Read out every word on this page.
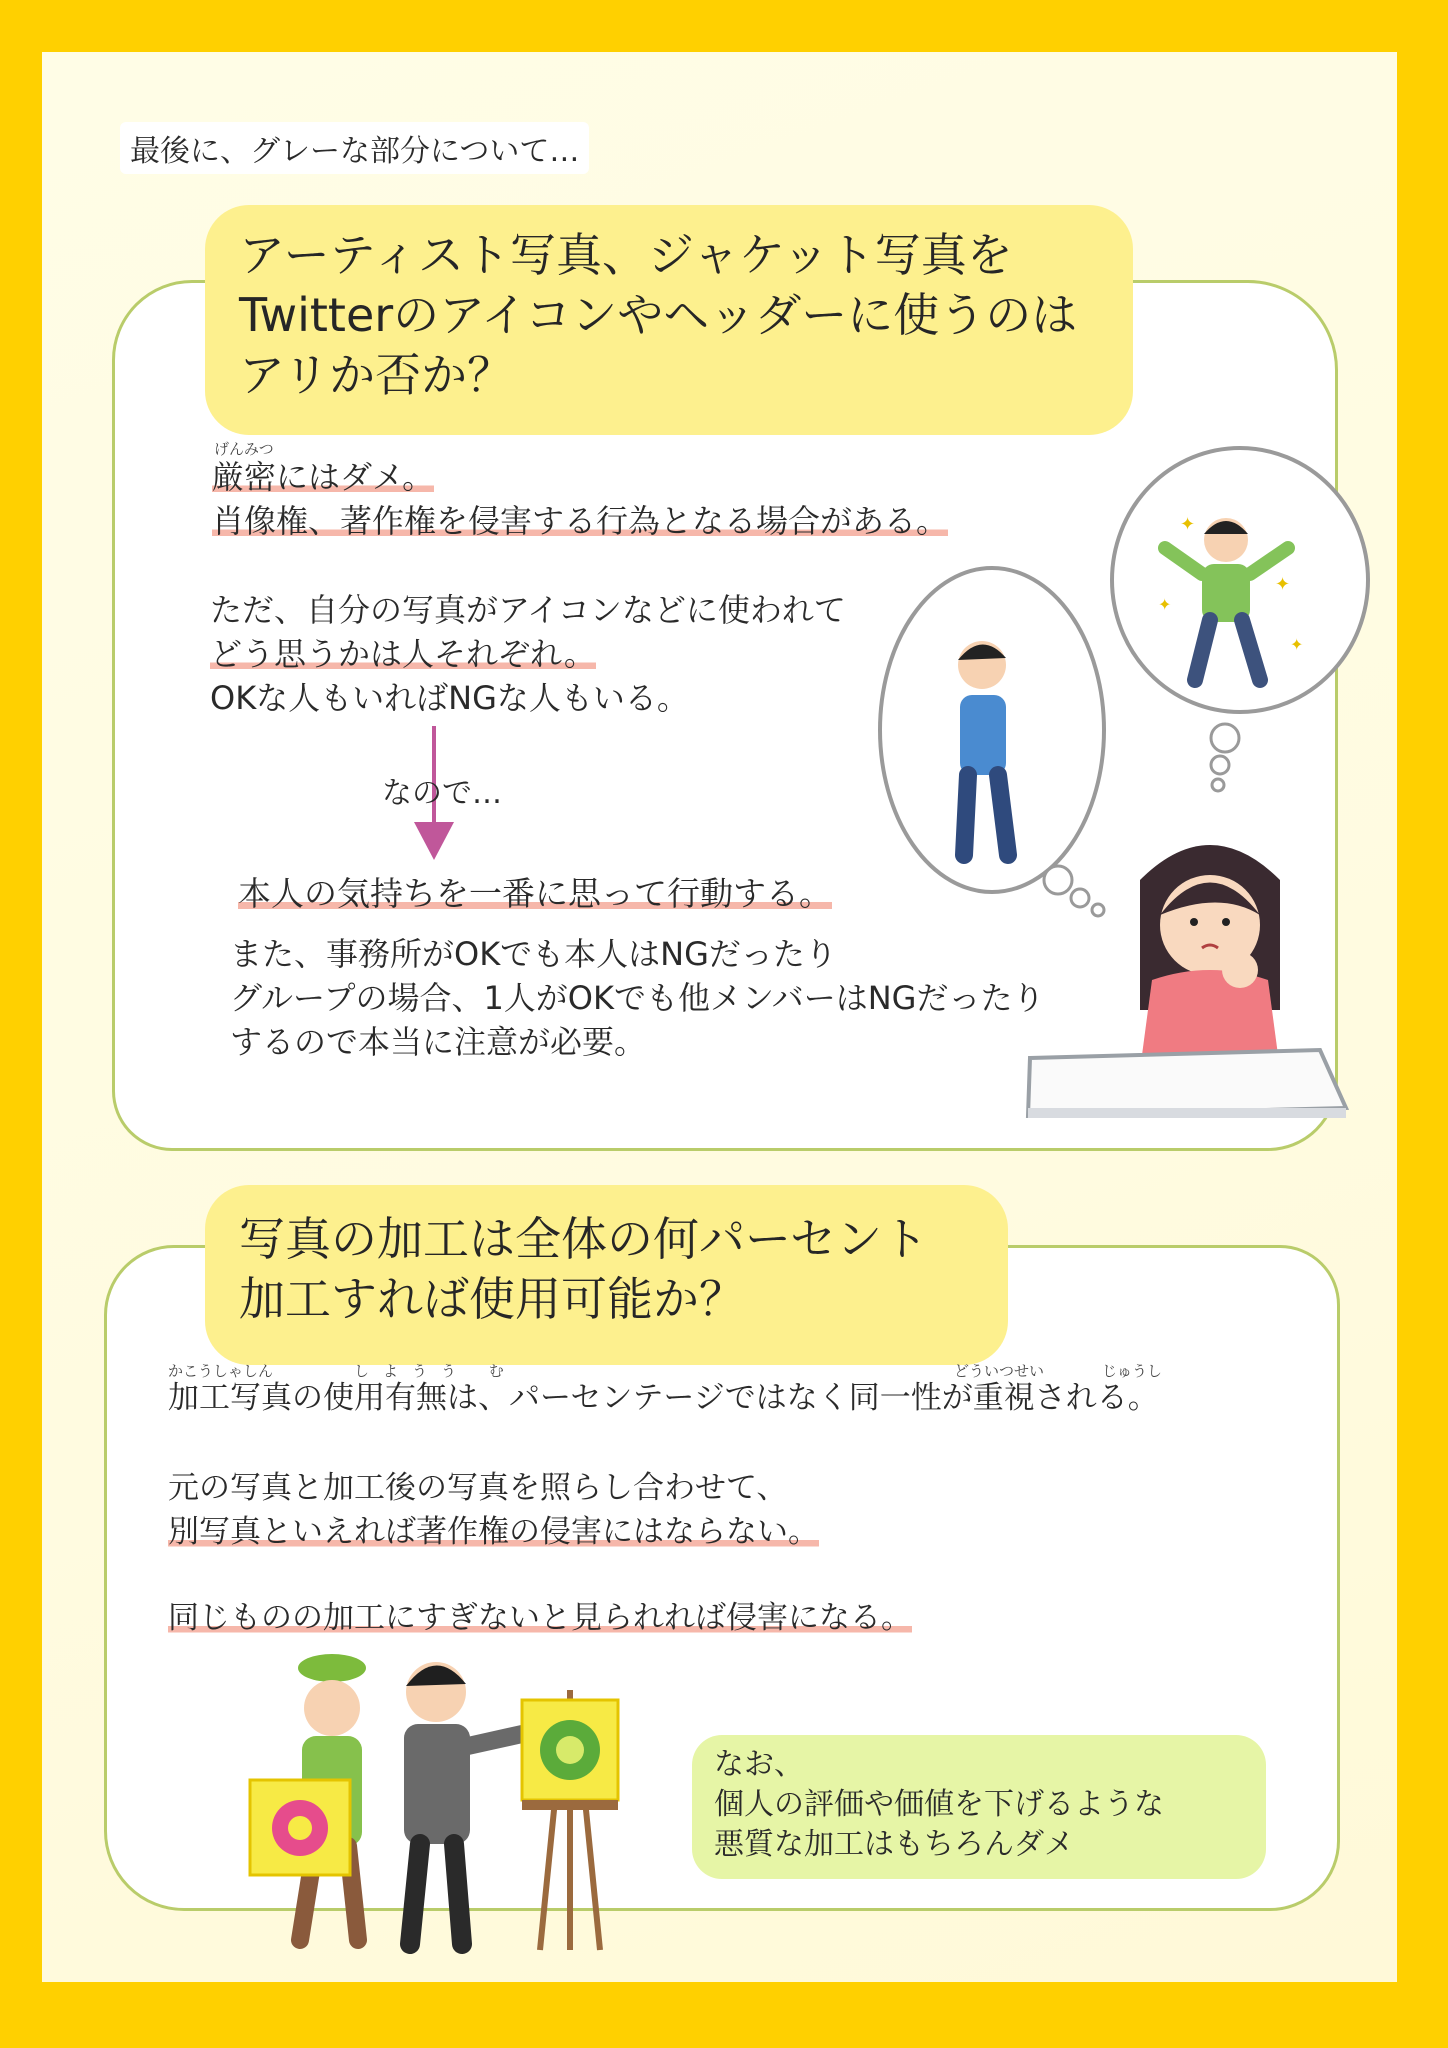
最後に、グレーな部分について…
アーティスト写真、ジャケット写真を
Twitterのアイコンやヘッダーに使うのは
アリか否か？
げんみつ
厳密にはダメ。
肖像権、著作権を侵害する行為となる場合がある。
ただ、自分の写真がアイコンなどに使われて
どう思うかは人それぞれ。
OKな人もいればNGな人もいる。
なので…
本人の気持ちを一番に思って行動する。
また、事務所がOKでも本人はNGだったり
グループの場合、1人がOKでも他メンバーはNGだったり
するので本当に注意が必要。
✦
✦
✦
✦
写真の加工は全体の何パーセント
加工すれば使用可能か？
かこうしゃしん	しようう む	どういつせい	じゅうし
加工写真の使用有無は、パーセンテージではなく同一性が重視される。
元の写真と加工後の写真を照らし合わせて、
別写真といえれば著作権の侵害にはならない。
同じものの加工にすぎないと見られれば侵害になる。
なお、
個人の評価や価値を下げるような
悪質な加工はもちろんダメ
